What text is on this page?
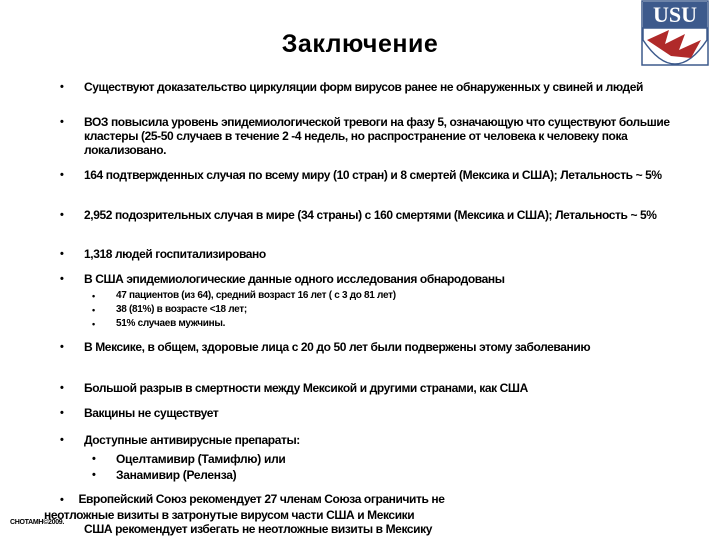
Заключение
USU
• Существуют доказательство циркуляции форм вирусов ранее не обнаруженных у свиней и людей
• ВОЗ повысила уровень эпидемиологической тревоги на фазу 5, означающую что существуют большие кластеры (25-50 случаев в течение 2 -4 недель, но распространение от человека к человеку пока локализовано.
• 164 подтвержденных случая по всему миру (10 стран) и 8 смертей (Мексика и США); Летальность ~ 5%
• 2,952 подозрительных случая в мире (34 страны) с 160 смертями (Мексика и США); Летальность ~ 5%
• 1,318 людей госпитализировано
• В США эпидемиологические данные одного исследования обнародованы
• 47 пациентов (из 64), средний возраст 16 лет ( с 3 до 81 лет)
• 38 (81%) в возрасте <18 лет;
• 51% случаев мужчины.
• В Мексике, в общем, здоровые лица с 20 до 50 лет были подвержены этому заболеванию
• Большой разрыв в смертности между Мексикой и другими странами, как США
• Вакцины не существует
• Доступные антивирусные препараты:
• Оцелтамивир (Тамифлю) или
• Занамивир (Реленза)
• Европейский Союз рекомендует 27 членам Союза ограничить не
неотложные визиты в затронутые вирусом части США и Мексики
США рекомендует избегать не неотложные визиты в Мексику
CHOTAMH©2009.
